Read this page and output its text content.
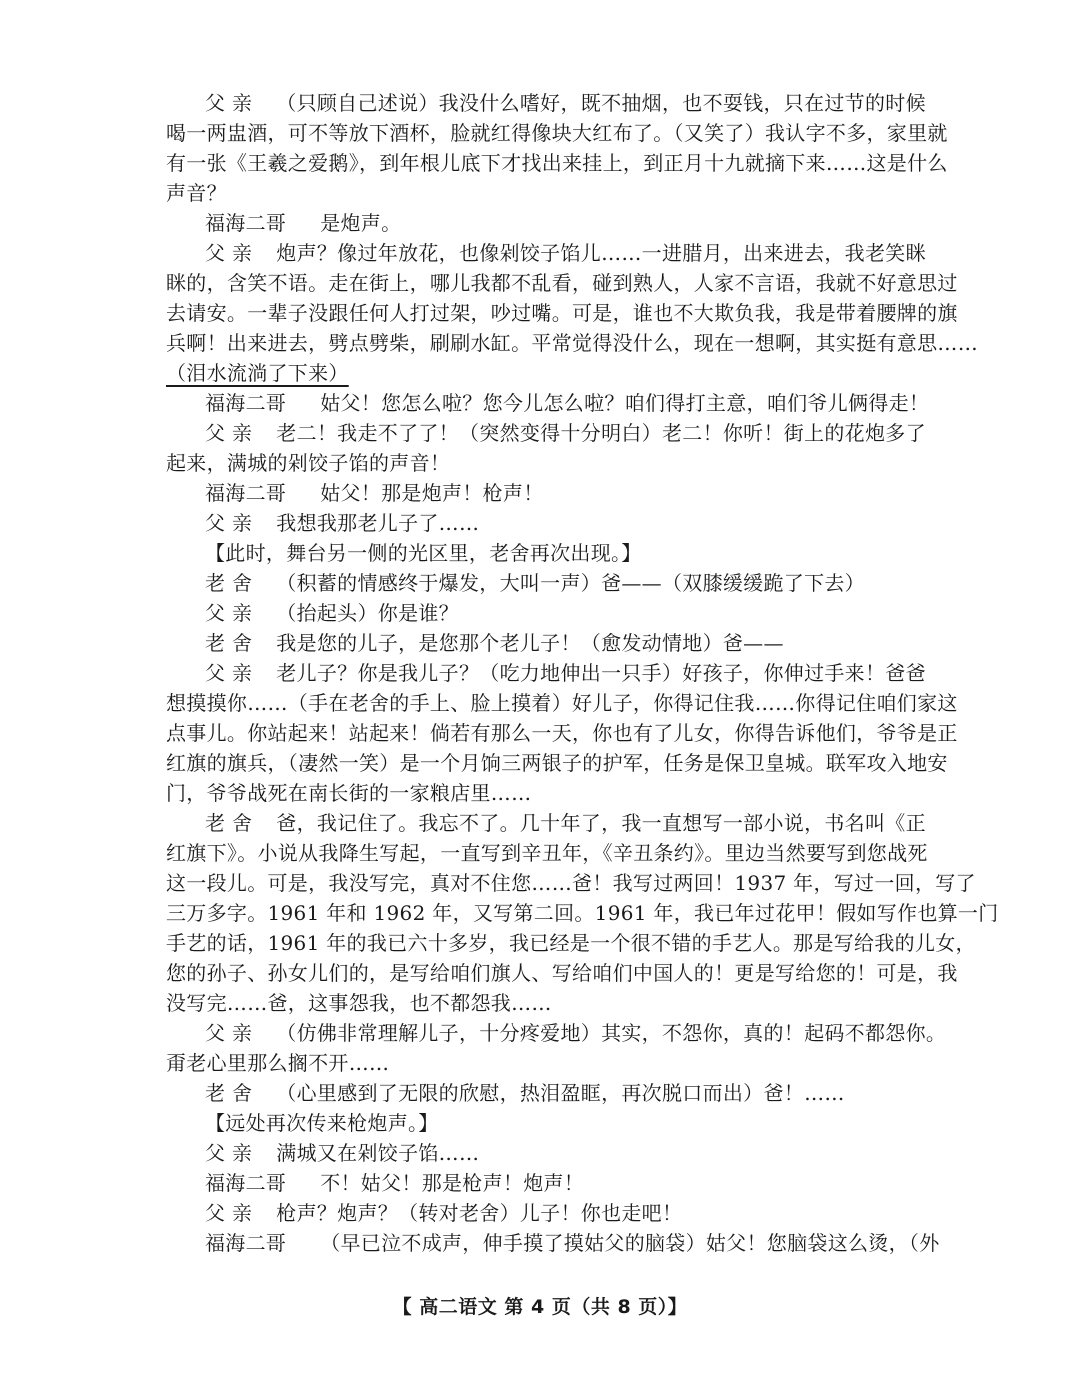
父 亲 （只顾自己述说）我没什么嗜好，既不抽烟，也不耍钱，只在过节的时候
喝一两盅酒，可不等放下酒杯，脸就红得像块大红布了。（又笑了）我认字不多，家里就
有一张《王羲之爱鹅》，到年根儿底下才找出来挂上，到正月十九就摘下来……这是什么
声音？
福海二哥 是炮声。
父 亲 炮声？像过年放花，也像剁饺子馅儿……一进腊月，出来进去，我老笑眯
眯的，含笑不语。走在街上，哪儿我都不乱看，碰到熟人，人家不言语，我就不好意思过
去请安。一辈子没跟任何人打过架，吵过嘴。可是，谁也不大欺负我，我是带着腰牌的旗
兵啊！出来进去，劈点劈柴，刷刷水缸。平常觉得没什么，现在一想啊，其实挺有意思……
（泪水流淌了下来）
福海二哥 姑父！您怎么啦？您今儿怎么啦？咱们得打主意，咱们爷儿俩得走！
父 亲 老二！我走不了了！（突然变得十分明白）老二！你听！街上的花炮多了
起来，满城的剁饺子馅的声音！
福海二哥 姑父！那是炮声！枪声！
父 亲 我想我那老儿子了……
【此时，舞台另一侧的光区里，老舍再次出现。】
老 舍 （积蓄的情感终于爆发，大叫一声）爸——（双膝缓缓跪了下去）
父 亲 （抬起头）你是谁？
老 舍 我是您的儿子，是您那个老儿子！（愈发动情地）爸——
父 亲 老儿子？你是我儿子？（吃力地伸出一只手）好孩子，你伸过手来！爸爸
想摸摸你……（手在老舍的手上、脸上摸着）好儿子，你得记住我……你得记住咱们家这
点事儿。你站起来！站起来！倘若有那么一天，你也有了儿女，你得告诉他们，爷爷是正
红旗的旗兵，（凄然一笑）是一个月饷三两银子的护军，任务是保卫皇城。联军攻入地安
门，爷爷战死在南长街的一家粮店里……
老 舍 爸，我记住了。我忘不了。几十年了，我一直想写一部小说，书名叫《正
红旗下》。小说从我降生写起，一直写到辛丑年，《辛丑条约》。里边当然要写到您战死
这一段儿。可是，我没写完，真对不住您……爸！我写过两回！1937 年，写过一回，写了
三万多字。1961 年和 1962 年，又写第二回。1961 年，我已年过花甲！假如写作也算一门
手艺的话，1961 年的我已六十多岁，我已经是一个很不错的手艺人。那是写给我的儿女，
您的孙子、孙女儿们的，是写给咱们旗人、写给咱们中国人的！更是写给您的！可是，我
没写完……爸，这事怨我，也不都怨我……
父 亲 （仿佛非常理解儿子，十分疼爱地）其实，不怨你，真的！起码不都怨你。
甭老心里那么搁不开……
老 舍 （心里感到了无限的欣慰，热泪盈眶，再次脱口而出）爸！……
【远处再次传来枪炮声。】
父 亲 满城又在剁饺子馅……
福海二哥 不！姑父！那是枪声！炮声！
父 亲 枪声？炮声？（转对老舍）儿子！你也走吧！
福海二哥 （早已泣不成声，伸手摸了摸姑父的脑袋）姑父！您脑袋这么烫，（外
【 高二语文 第 4 页（共 8 页）】
